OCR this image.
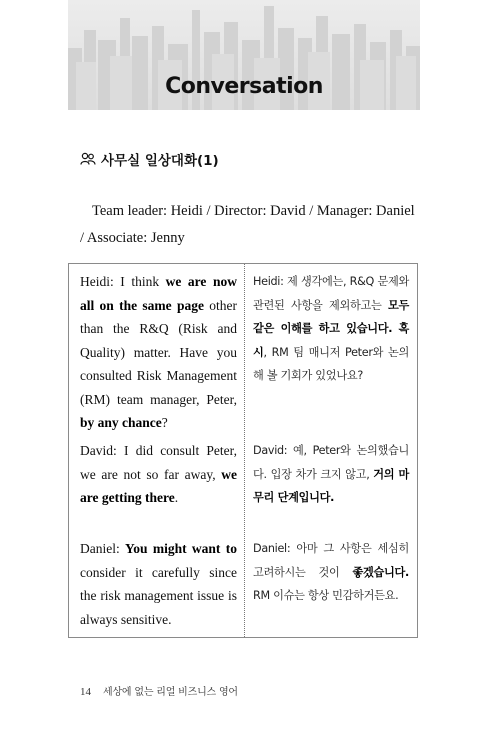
Conversation
사무실 일상대화(1)
Team leader: Heidi / Director: David / Manager: Daniel / Associate: Jenny
Heidi: I think we are now all on the same page other than the R&Q (Risk and Quality) matter. Have you consulted Risk Management (RM) team manager, Peter, by any chance?
Heidi: 제 생각에는, R&Q 문제와 관련된 사항을 제외하고는 모두 같은 이해를 하고 있습니다. 혹시, RM 팀 매니저 Peter와 논의해 볼 기회가 있었나요?
David: I did consult Peter, we are not so far away, we are getting there.
David: 예, Peter와 논의했습니다. 입장 차가 크지 않고, 거의 마무리 단계입니다.
Daniel: You might want to consider it carefully since the risk management issue is always sensitive.
Daniel: 아마 그 사항은 세심히 고려하시는 것이 좋겠습니다. RM 이슈는 항상 민감하거든요.
14 세상에 없는 리얼 비즈니스 영어
